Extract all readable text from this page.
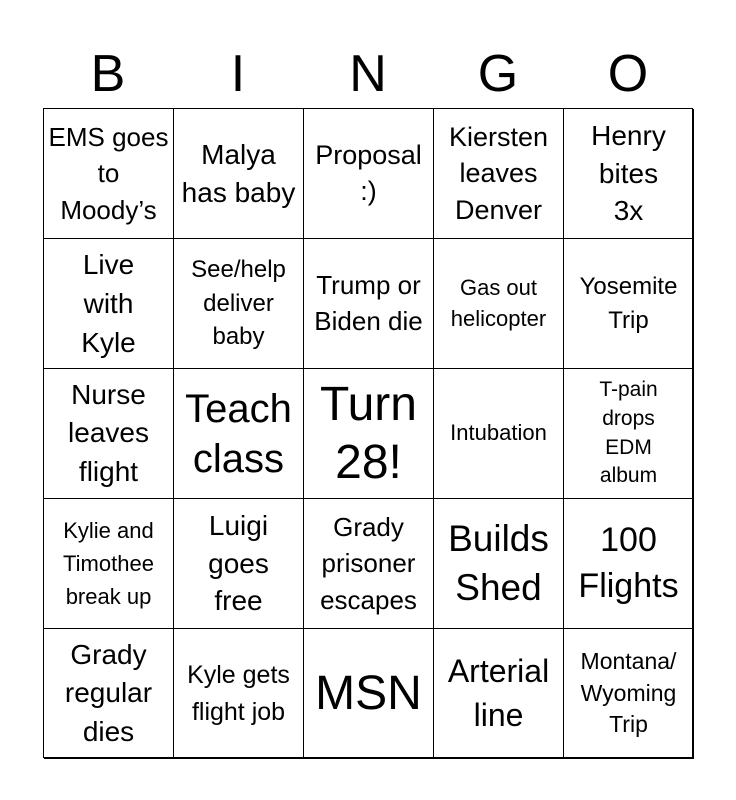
B	I	N	G	O
EMS goes to Moody’s
Malya has baby
Proposal :)
Kiersten leaves Denver
Henry bites 3x
Live with Kyle
See/help deliver baby
Trump or Biden die
Gas out helicopter
Yosemite Trip
Nurse leaves flight
Teach class
Turn 28!
Intubation
T-pain drops EDM album
Kylie and Timothee break up
Luigi goes free
Grady prisoner escapes
Builds Shed
100 Flights
Grady regular dies
Kyle gets flight job MSN Arterial line
Montana/ Wyoming Trip
